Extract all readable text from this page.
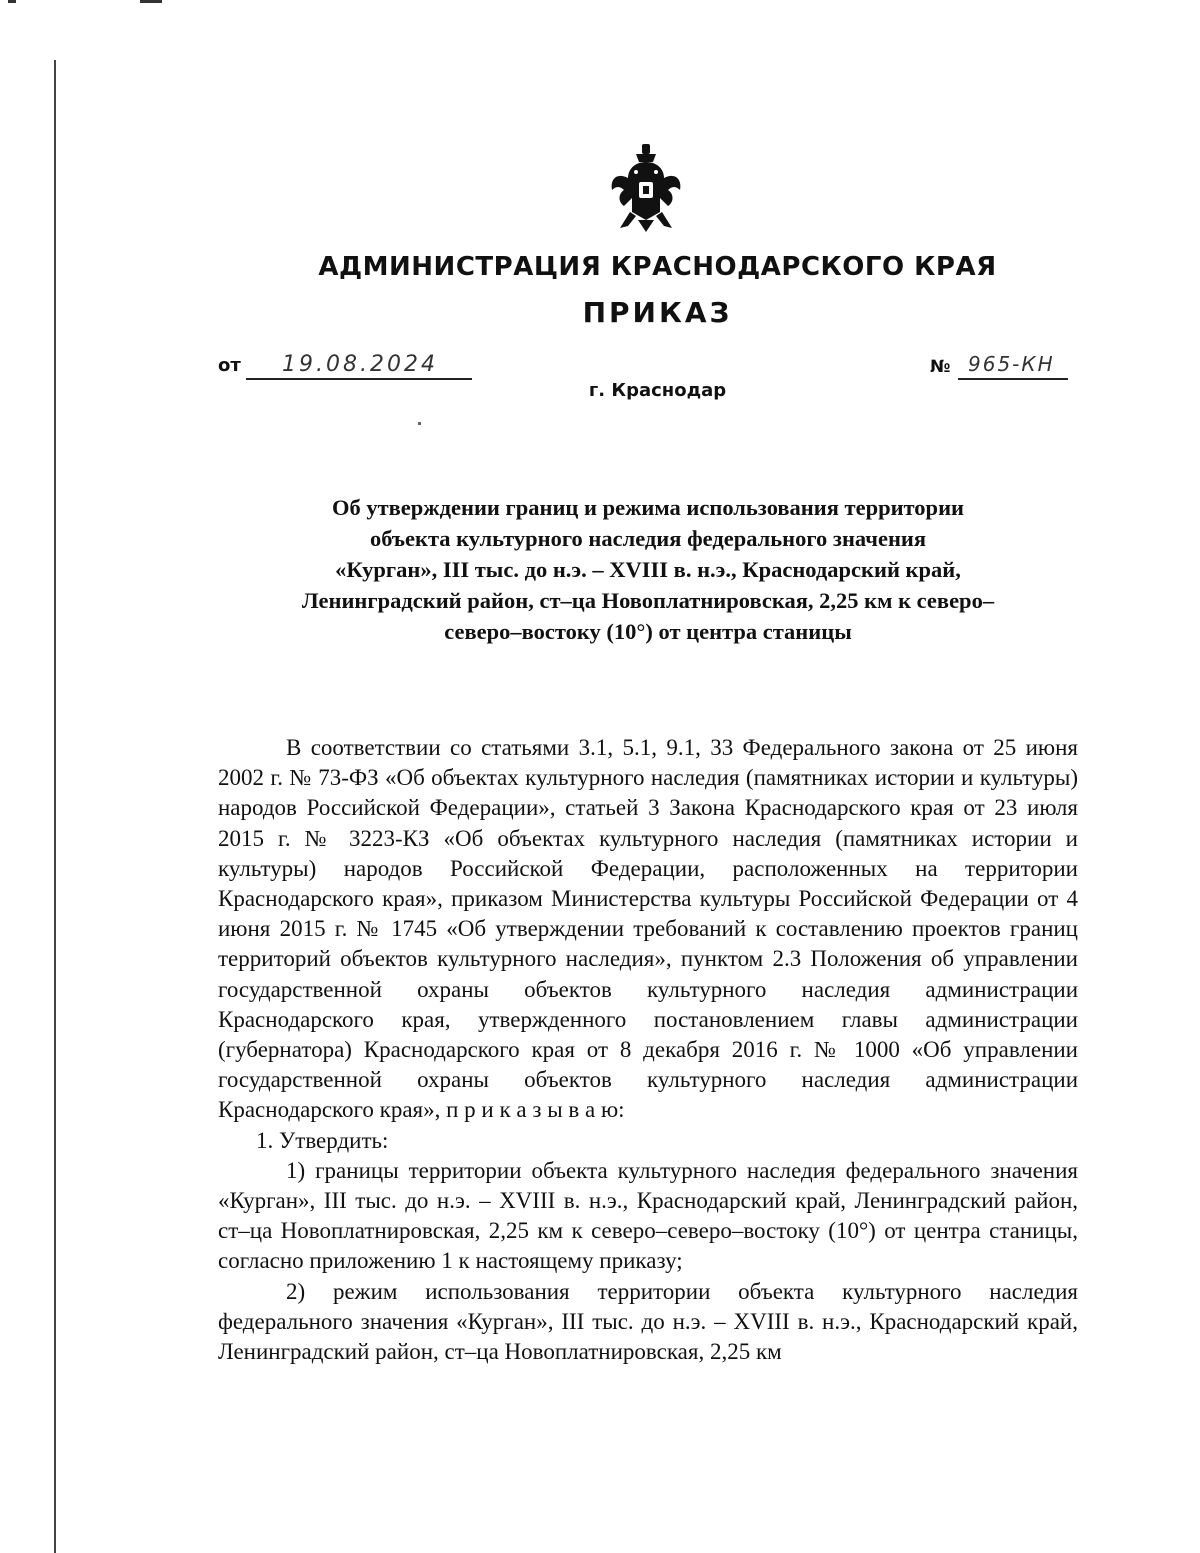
АДМИНИСТРАЦИЯ КРАСНОДАРСКОГО КРАЯ
ПРИКАЗ
от 19.08.2024	№ 965-КН
г. Краснодар
Об утверждении границ и режима использования территории
объекта культурного наследия федерального значения
«Курган», III тыс. до н.э. – XVIII в. н.э., Краснодарский край,
Ленинградский район, ст–ца Новоплатнировская, 2,25 км к северо–
северо–востоку (10°) от центра станицы

В соответствии со статьями 3.1, 5.1, 9.1, 33 Федерального закона от 25 июня 2002 г. № 73-ФЗ «Об объектах культурного наследия (памятниках истории и культуры) народов Российской Федерации», статьей 3 Закона Краснодарского края от 23 июля 2015 г. № 3223-КЗ «Об объектах культурного наследия (памятниках истории и культуры) народов Российской Федерации, расположенных на территории Краснодарского края», приказом Министерства культуры Российской Федерации от 4 июня 2015 г. № 1745 «Об утверждении требований к составлению проектов границ территорий объектов культурного наследия», пунктом 2.3 Положения об управлении государственной охраны объектов культурного наследия администрации Краснодарского края, утвержденного постановлением главы администрации (губернатора) Краснодарского края от 8 декабря 2016 г. № 1000 «Об управлении государственной охраны объектов культурного наследия администрации Краснодарского края», п р и к а з ы в а ю:

1. Утвердить:

1) границы территории объекта культурного наследия федерального значения «Курган», III тыс. до н.э. – XVIII в. н.э., Краснодарский край, Ленинградский район, ст–ца Новоплатнировская, 2,25 км к северо–северо–востоку (10°) от центра станицы, согласно приложению 1 к настоящему приказу;

2) режим использования территории объекта культурного наследия федерального значения «Курган», III тыс. до н.э. – XVIII в. н.э., Краснодарский край, Ленинградский район, ст–ца Новоплатнировская, 2,25 км
